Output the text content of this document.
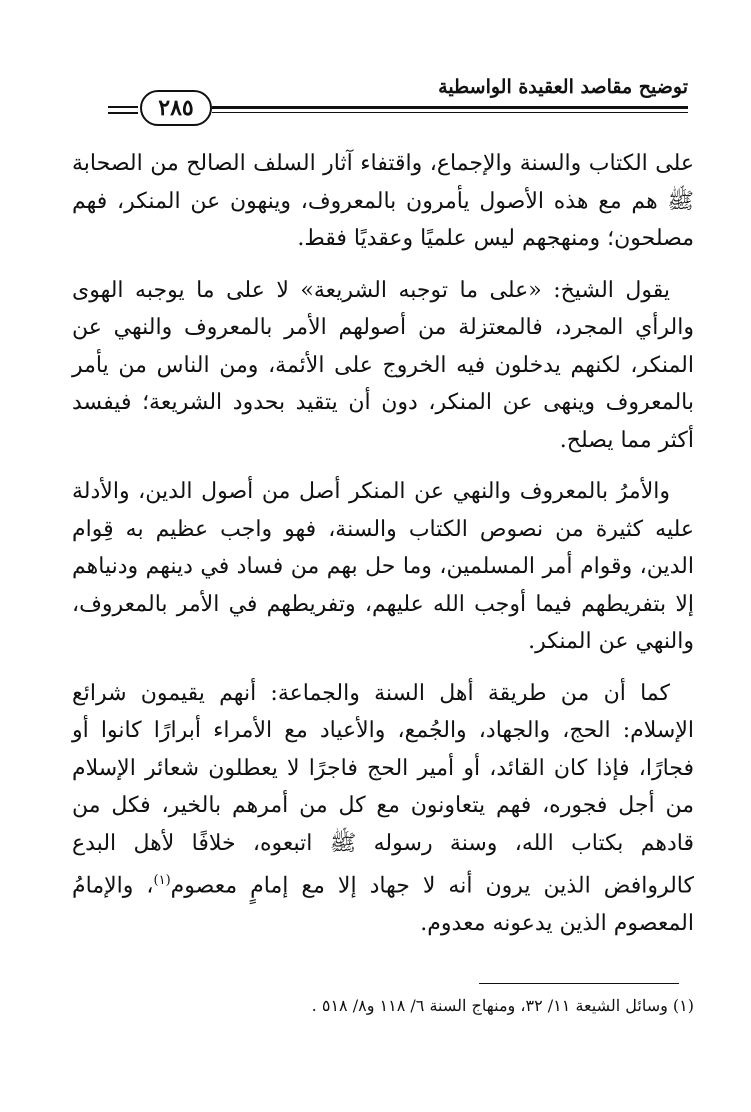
توضيح مقاصد العقيدة الواسطية
٢٨٥

على الكتاب والسنة والإجماع، واقتفاء آثار السلف الصالح من الصحابة ﷺ هم مع هذه الأصول يأمرون بالمعروف، وينهون عن المنكر، فهم مصلحون؛ ومنهجهم ليس علميًا وعقديًا فقط.

يقول الشيخ: «على ما توجبه الشريعة» لا على ما يوجبه الهوى والرأي المجرد، فالمعتزلة من أصولهم الأمر بالمعروف والنهي عن المنكر، لكنهم يدخلون فيه الخروج على الأئمة، ومن الناس من يأمر بالمعروف وينهى عن المنكر، دون أن يتقيد بحدود الشريعة؛ فيفسد أكثر مما يصلح.

والأمرُ بالمعروف والنهي عن المنكر أصل من أصول الدين، والأدلة عليه كثيرة من نصوص الكتاب والسنة، فهو واجب عظيم به قِوام الدين، وقوام أمر المسلمين، وما حل بهم من فساد في دينهم ودنياهم إلا بتفريطهم فيما أوجب الله عليهم، وتفريطهم في الأمر بالمعروف، والنهي عن المنكر.

كما أن من طريقة أهل السنة والجماعة: أنهم يقيمون شرائع الإسلام: الحج، والجهاد، والجُمع، والأعياد مع الأمراء أبرارًا كانوا أو فجارًا، فإذا كان القائد، أو أمير الحج فاجرًا لا يعطلون شعائر الإسلام من أجل فجوره، فهم يتعاونون مع كل من أمرهم بالخير، فكل من قادهم بكتاب الله، وسنة رسوله ﷺ اتبعوه، خلافًا لأهل البدع كالروافض الذين يرون أنه لا جهاد إلا مع إمامٍ معصوم$^{(١)}$، والإمامُ المعصوم الذين يدعونه معدوم.

(١) وسائل الشيعة ١١/ ٣٢، ومنهاج السنة ٦/ ١١٨ و٨/ ٥١٨ .
